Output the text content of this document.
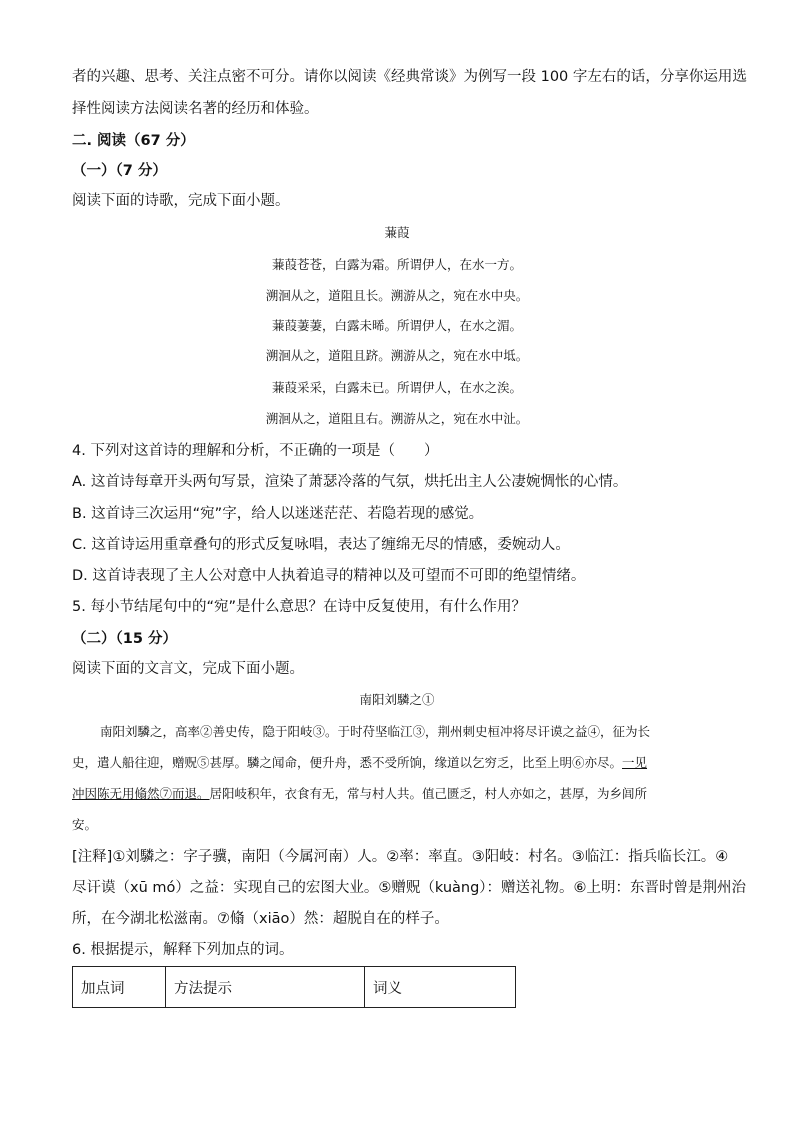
者的兴趣、思考、关注点密不可分。请你以阅读《经典常谈》为例写一段 100 字左右的话，分享你运用选

择性阅读方法阅读名著的经历和体验。

二. 阅读（67 分）

（一）（7 分）

阅读下面的诗歌，完成下面小题。

蒹葭

蒹葭苍苍，白露为霜。所谓伊人，在水一方。

溯洄从之，道阻且长。溯游从之，宛在水中央。

蒹葭萋萋，白露未晞。所谓伊人，在水之湄。

溯洄从之，道阻且跻。溯游从之，宛在水中坻。

蒹葭采采，白露未已。所谓伊人，在水之涘。

溯洄从之，道阻且右。溯游从之，宛在水中沚。

4. 下列对这首诗的理解和分析，不正确的一项是（　　）

A. 这首诗每章开头两句写景，渲染了萧瑟冷落的气氛，烘托出主人公凄婉惆怅的心情。

B. 这首诗三次运用“宛”字，给人以迷迷茫茫、若隐若现的感觉。

C. 这首诗运用重章叠句的形式反复咏唱，表达了缠绵无尽的情感，委婉动人。

D. 这首诗表现了主人公对意中人执着追寻的精神以及可望而不可即的绝望情绪。

5. 每小节结尾句中的“宛”是什么意思？在诗中反复使用，有什么作用？

（二）（15 分）

阅读下面的文言文，完成下面小题。

南阳刘驎之①

南阳刘驎之，高率②善史传，隐于阳岐③。于时苻坚临江③，荆州刺史桓冲将尽讦谟之益④，征为长
史，遣人船往迎，赠贶⑤甚厚。驎之闻命，便升舟，悉不受所饷，缘道以乞穷乏，比至上明⑥亦尽。一见
冲因陈无用翛然⑦而退。居阳岐积年，衣食有无，常与村人共。值己匮乏，村人亦如之，甚厚，为乡闾所
安。

[注释]①刘驎之：字子骥，南阳（今属河南）人。②率：率直。③阳岐：村名。③临江：指兵临长江。④

尽讦谟（xū mó）之益：实现自己的宏图大业。⑤赠贶（kuàng）：赠送礼物。⑥上明：东晋时曾是荆州治

所，在今湖北松滋南。⑦翛（xiāo）然：超脱自在的样子。

6. 根据提示，解释下列加点的词。

加点词	方法提示	词义
